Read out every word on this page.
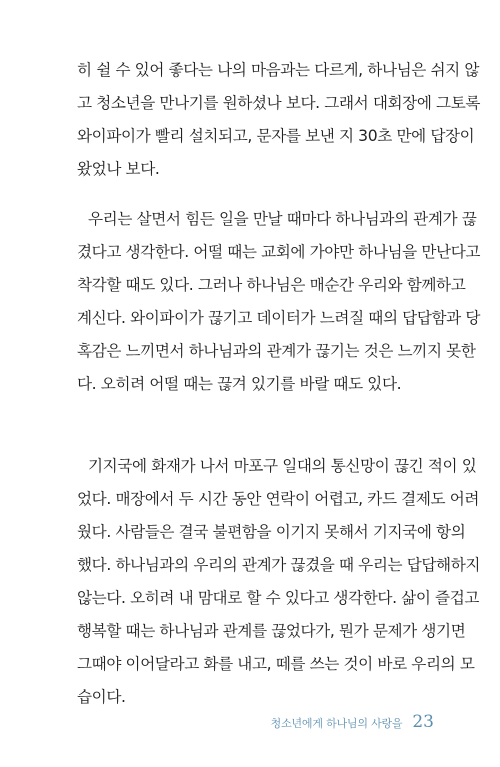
히 쉴 수 있어 좋다는 나의 마음과는 다르게, 하나님은 쉬지 않
고 청소년을 만나기를 원하셨나 보다. 그래서 대회장에 그토록
와이파이가 빨리 설치되고, 문자를 보낸 지 30초 만에 답장이
왔었나 보다.
우리는 살면서 힘든 일을 만날 때마다 하나님과의 관계가 끊
겼다고 생각한다. 어떨 때는 교회에 가야만 하나님을 만난다고
착각할 때도 있다. 그러나 하나님은 매순간 우리와 함께하고
계신다. 와이파이가 끊기고 데이터가 느려질 때의 답답함과 당
혹감은 느끼면서 하나님과의 관계가 끊기는 것은 느끼지 못한
다. 오히려 어떨 때는 끊겨 있기를 바랄 때도 있다.
기지국에 화재가 나서 마포구 일대의 통신망이 끊긴 적이 있
었다. 매장에서 두 시간 동안 연락이 어렵고, 카드 결제도 어려
웠다. 사람들은 결국 불편함을 이기지 못해서 기지국에 항의
했다. 하나님과의 우리의 관계가 끊겼을 때 우리는 답답해하지
않는다. 오히려 내 맘대로 할 수 있다고 생각한다. 삶이 즐겁고
행복할 때는 하나님과 관계를 끊었다가, 뭔가 문제가 생기면
그때야 이어달라고 화를 내고, 떼를 쓰는 것이 바로 우리의 모
습이다.
청소년에게 하나님의 사랑을 23
